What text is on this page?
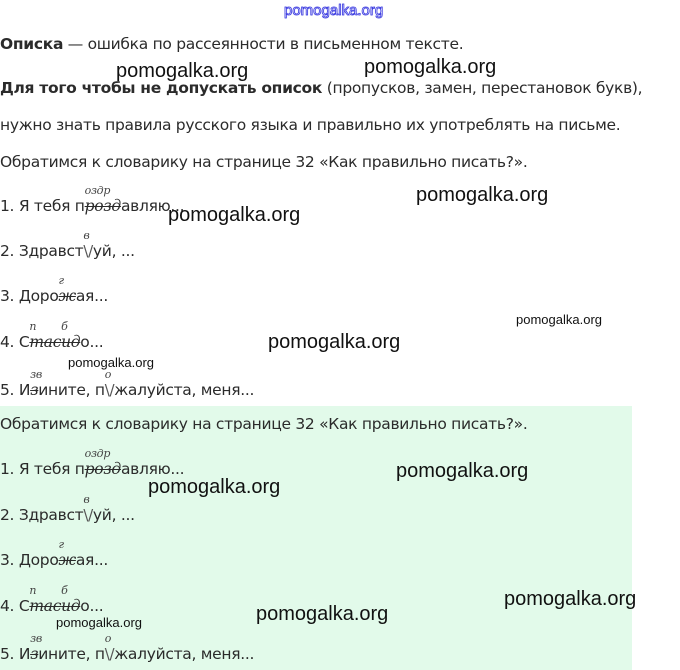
pomogalka.org
Описка — ошибка по рассеянности в письменном тексте.
Для того чтобы не допускать описок (пропусков, замен, перестановок букв),
нужно знать правила русского языка и правильно их употреблять на письме.
Обратимся к словарику на странице 32 «Как правильно писать?».
1. Я тебя п
оздр
роздавляю...
2. Здравст
в
\/уй, ...
3. Доро
г
жая...
4. С
п
тас
б
идо...
5. И
зв
зините, п
о
\/жалуйста, меня...
Обратимся к словарику на странице 32 «Как правильно писать?».
1. Я тебя п
оздр
роздавляю...
2. Здравст
в
\/уй, ...
3. Доро
г
жая...
4. С
п
тас
б
идо...
5. И
зв
зините, п
о
\/жалуйста, меня...
pomogalka.org	pomogalka.org
pomogalka.org
pomogalka.org
pomogalka.org
pomogalka.org
pomogalka.org
pomogalka.org
pomogalka.org
pomogalka.org
pomogalka.org
pomogalka.org
